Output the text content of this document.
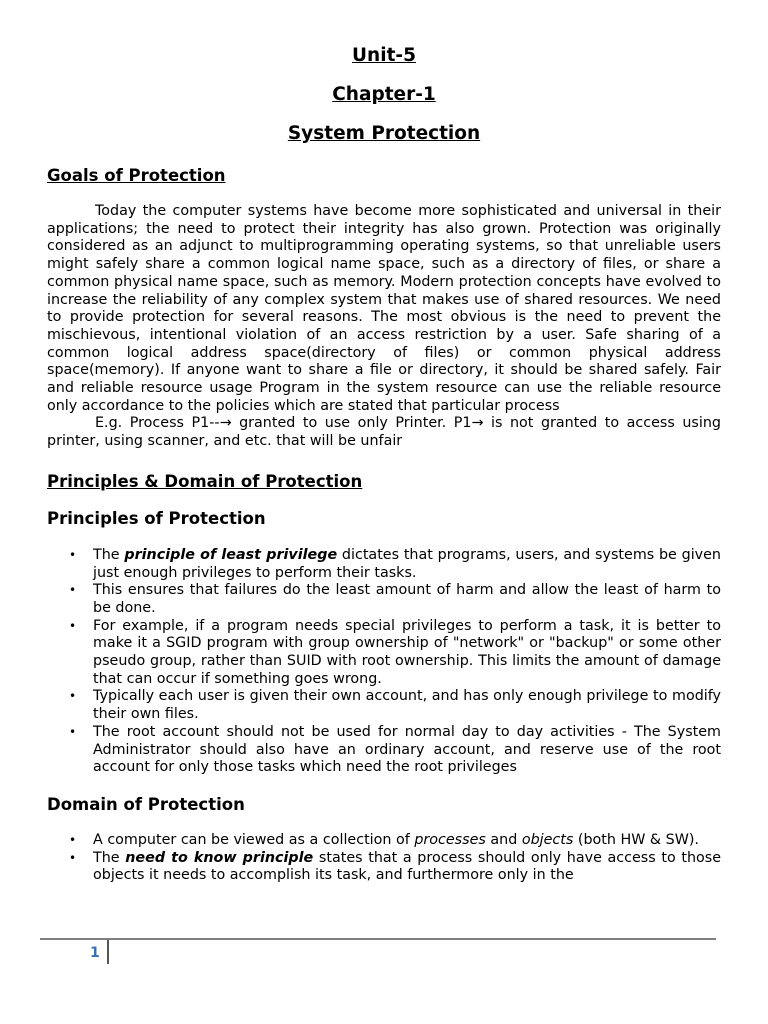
Unit-5

Chapter-1

System Protection

Goals of Protection

Today the computer systems have become more sophisticated and universal in their applications; the need to protect their integrity has also grown. Protection was originally considered as an adjunct to multiprogramming operating systems, so that unreliable users might safely share a common logical name space, such as a directory of files, or share a common physical name space, such as memory. Modern protection concepts have evolved to increase the reliability of any complex system that makes use of shared resources. We need to provide protection for several reasons. The most obvious is the need to prevent the mischievous, intentional violation of an access restriction by a user. Safe sharing of a common logical address space(directory of files) or common physical address space(memory). If anyone want to share a file or directory, it should be shared safely. Fair and reliable resource usage Program in the system resource can use the reliable resource only accordance to the policies which are stated that particular process

E.g. Process P1--→ granted to use only Printer. P1→ is not granted to access using printer, using scanner, and etc. that will be unfair

Principles & Domain of Protection

Principles of Protection

• The principle of least privilege dictates that programs, users, and systems be given just enough privileges to perform their tasks.
• This ensures that failures do the least amount of harm and allow the least of harm to be done.
• For example, if a program needs special privileges to perform a task, it is better to make it a SGID program with group ownership of "network" or "backup" or some other pseudo group, rather than SUID with root ownership. This limits the amount of damage that can occur if something goes wrong.
• Typically each user is given their own account, and has only enough privilege to modify their own files.
• The root account should not be used for normal day to day activities - The System Administrator should also have an ordinary account, and reserve use of the root account for only those tasks which need the root privileges

Domain of Protection

• A computer can be viewed as a collection of processes and objects (both HW & SW).
• The need to know principle states that a process should only have access to those objects it needs to accomplish its task, and furthermore only in the
1
